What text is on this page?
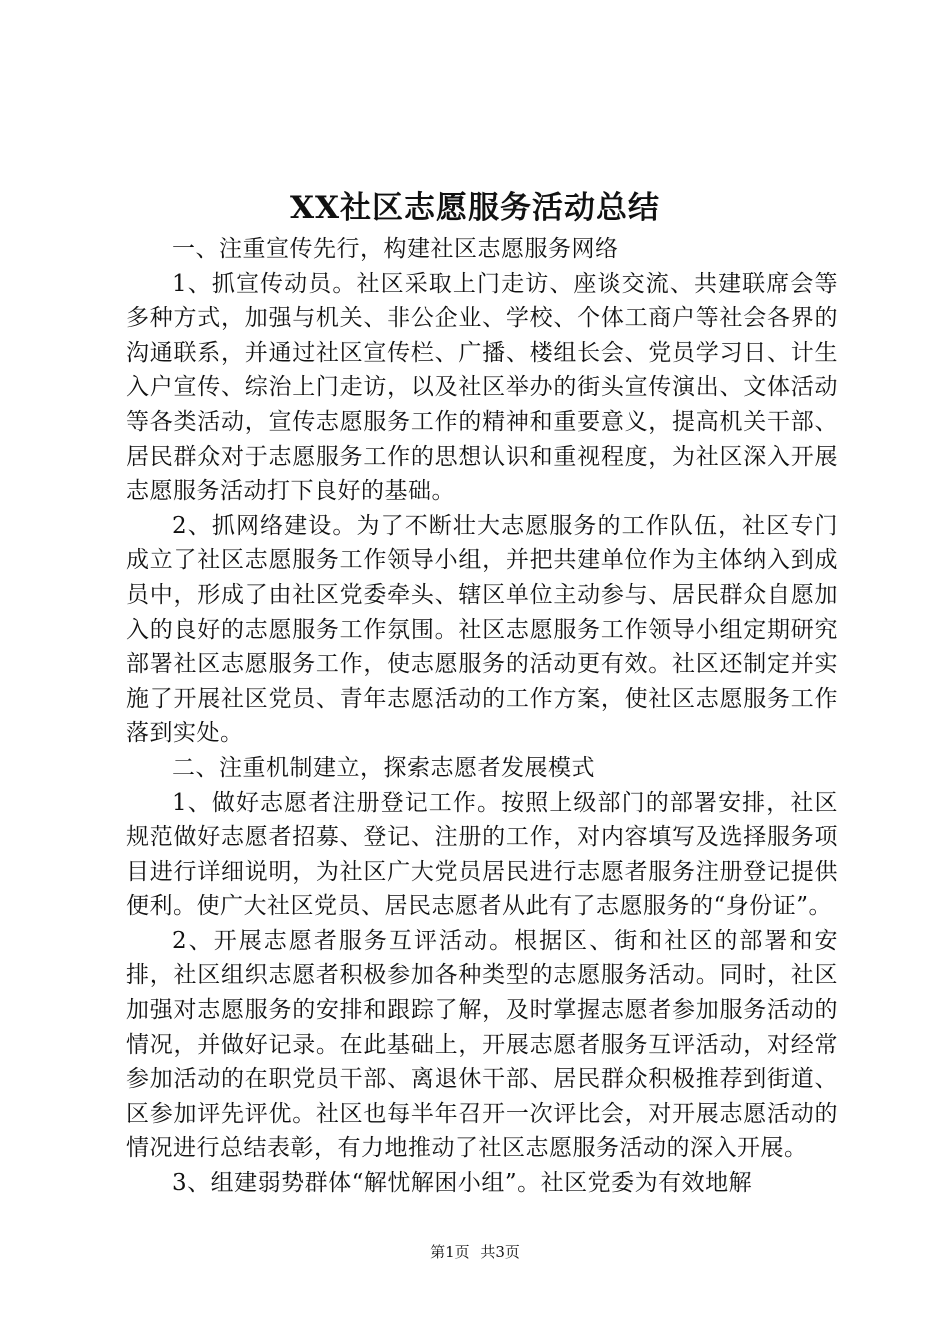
XX社区志愿服务活动总结

一、注重宣传先行，构建社区志愿服务网络

1、抓宣传动员。社区采取上门走访、座谈交流、共建联席会等多种方式，加强与机关、非公企业、学校、个体工商户等社会各界的沟通联系，并通过社区宣传栏、广播、楼组长会、党员学习日、计生入户宣传、综治上门走访，以及社区举办的街头宣传演出、文体活动等各类活动，宣传志愿服务工作的精神和重要意义，提高机关干部、居民群众对于志愿服务工作的思想认识和重视程度，为社区深入开展志愿服务活动打下良好的基础。

2、抓网络建设。为了不断壮大志愿服务的工作队伍，社区专门成立了社区志愿服务工作领导小组，并把共建单位作为主体纳入到成员中，形成了由社区党委牵头、辖区单位主动参与、居民群众自愿加入的良好的志愿服务工作氛围。社区志愿服务工作领导小组定期研究部署社区志愿服务工作，使志愿服务的活动更有效。社区还制定并实施了开展社区党员、青年志愿活动的工作方案，使社区志愿服务工作落到实处。

二、注重机制建立，探索志愿者发展模式

1、做好志愿者注册登记工作。按照上级部门的部署安排，社区规范做好志愿者招募、登记、注册的工作，对内容填写及选择服务项目进行详细说明，为社区广大党员居民进行志愿者服务注册登记提供便利。使广大社区党员、居民志愿者从此有了志愿服务的“身份证”。

2、开展志愿者服务互评活动。根据区、街和社区的部署和安排，社区组织志愿者积极参加各种类型的志愿服务活动。同时，社区加强对志愿服务的安排和跟踪了解，及时掌握志愿者参加服务活动的情况，并做好记录。在此基础上，开展志愿者服务互评活动，对经常参加活动的在职党员干部、离退休干部、居民群众积极推荐到街道、区参加评先评优。社区也每半年召开一次评比会，对开展志愿活动的情况进行总结表彰，有力地推动了社区志愿服务活动的深入开展。

3、组建弱势群体“解忧解困小组”。社区党委为有效地解

第1页 共3页
